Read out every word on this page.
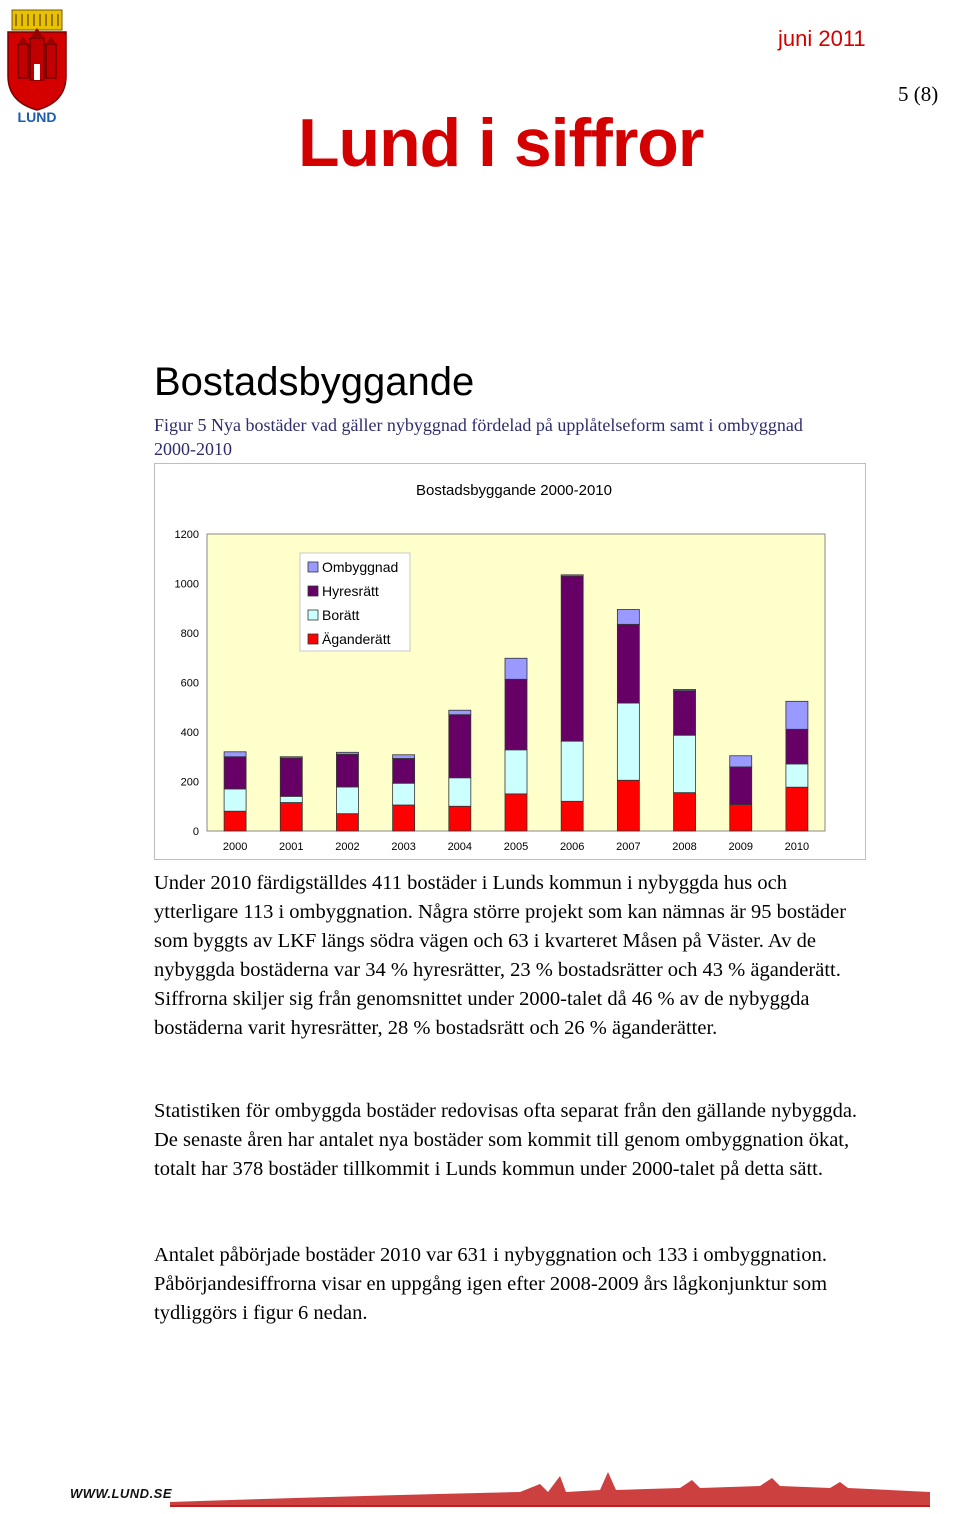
LUND
juni 2011
5 (8)
Lund i siffror
Bostadsbyggande
Figur 5 Nya bostäder vad gäller nybyggnad fördelad på upplåtelseform samt i ombyggnad 2000-2010
Bostadsbyggande 2000-2010
0
200
400
600
800
1000
1200
2000	2001	2002	2003	2004	2005	2006	2007	2008	2009	2010
Ombyggnad
Hyresrätt
Borätt
Äganderätt
Under 2010 färdigställdes 411 bostäder i Lunds kommun i nybyggda hus och ytterligare 113 i ombyggnation. Några större projekt som kan nämnas är 95 bostäder som byggts av LKF längs södra vägen och 63 i kvarteret Måsen på Väster. Av de nybyggda bostäderna var 34 % hyresrätter, 23 % bostadsrätter och 43 % äganderätt. Siffrorna skiljer sig från genomsnittet under 2000-talet då 46 % av de nybyggda bostäderna varit hyresrätter, 28 % bostadsrätt och 26 % äganderätter.
Statistiken för ombyggda bostäder redovisas ofta separat från den gällande nybyggda. De senaste åren har antalet nya bostäder som kommit till genom ombyggnation ökat, totalt har 378 bostäder tillkommit i Lunds kommun under 2000-talet på detta sätt.
Antalet påbörjade bostäder 2010 var 631 i nybyggnation och 133 i ombyggnation. Påbörjandesiffrorna visar en uppgång igen efter 2008-2009 års lågkonjunktur som tydliggörs i figur 6 nedan.
WWW.LUND.SE
